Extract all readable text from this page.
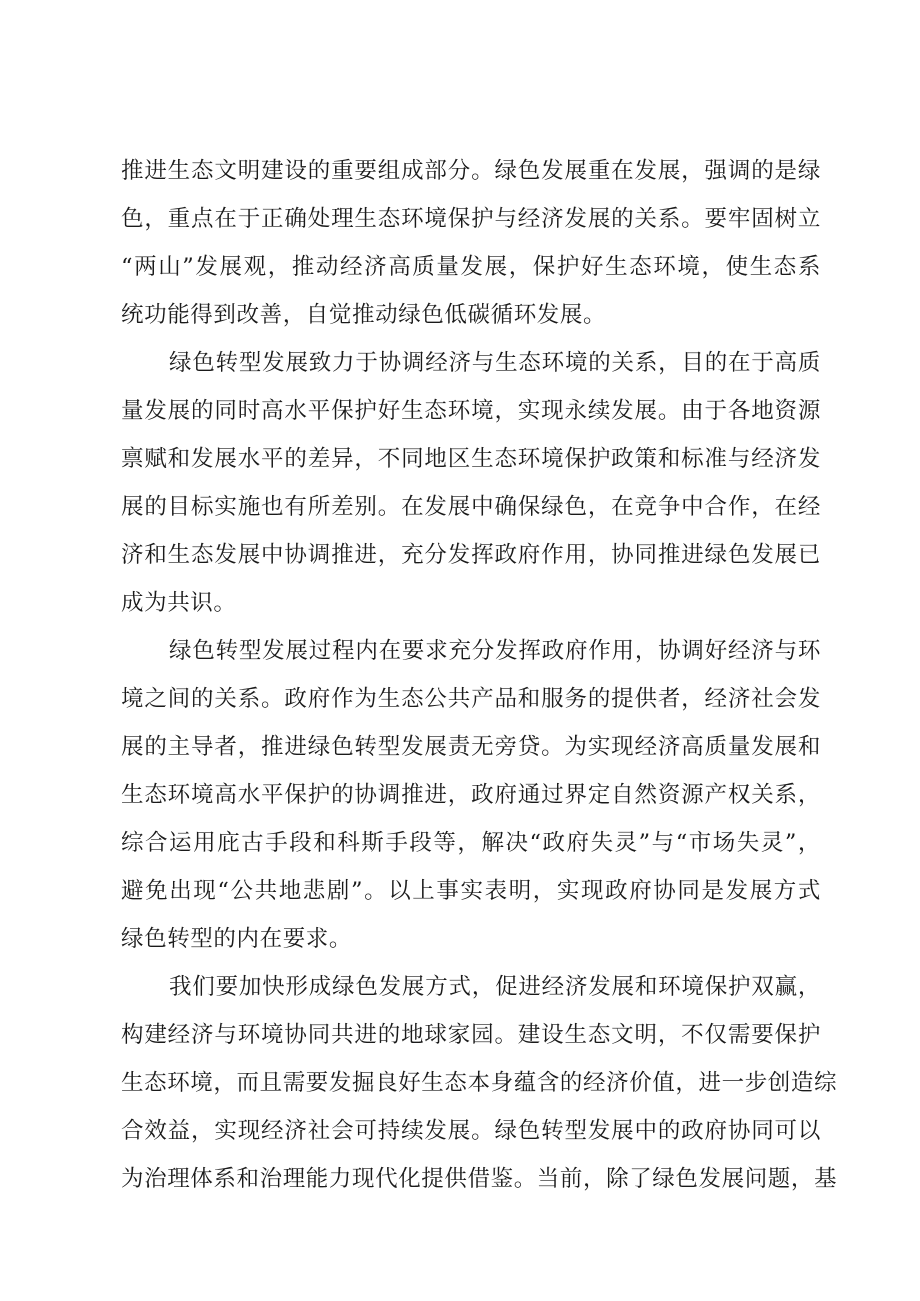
推进生态文明建设的重要组成部分。绿色发展重在发展，强调的是绿
色，重点在于正确处理生态环境保护与经济发展的关系。要牢固树立
“两山”发展观，推动经济高质量发展，保护好生态环境，使生态系
统功能得到改善，自觉推动绿色低碳循环发展。
绿色转型发展致力于协调经济与生态环境的关系，目的在于高质
量发展的同时高水平保护好生态环境，实现永续发展。由于各地资源
禀赋和发展水平的差异，不同地区生态环境保护政策和标准与经济发
展的目标实施也有所差别。在发展中确保绿色，在竞争中合作，在经
济和生态发展中协调推进，充分发挥政府作用，协同推进绿色发展已
成为共识。
绿色转型发展过程内在要求充分发挥政府作用，协调好经济与环
境之间的关系。政府作为生态公共产品和服务的提供者，经济社会发
展的主导者，推进绿色转型发展责无旁贷。为实现经济高质量发展和
生态环境高水平保护的协调推进，政府通过界定自然资源产权关系，
综合运用庇古手段和科斯手段等，解决“政府失灵”与“市场失灵”，
避免出现“公共地悲剧”。以上事实表明，实现政府协同是发展方式
绿色转型的内在要求。
我们要加快形成绿色发展方式，促进经济发展和环境保护双赢，
构建经济与环境协同共进的地球家园。建设生态文明，不仅需要保护
生态环境，而且需要发掘良好生态本身蕴含的经济价值，进一步创造综
合效益，实现经济社会可持续发展。绿色转型发展中的政府协同可以
为治理体系和治理能力现代化提供借鉴。当前，除了绿色发展问题，基
